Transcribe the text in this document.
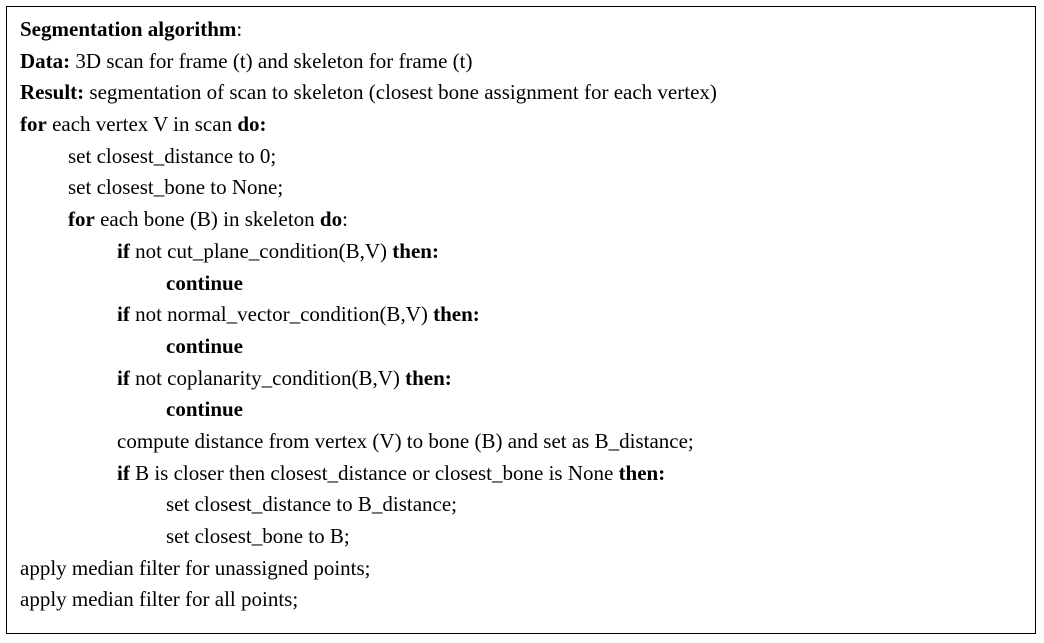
Segmentation algorithm:
Data: 3D scan for frame (t) and skeleton for frame (t)
Result: segmentation of scan to skeleton (closest bone assignment for each vertex)
for each vertex V in scan do:
set closest_distance to 0;
set closest_bone to None;
for each bone (B) in skeleton do:
if not cut_plane_condition(B,V) then:
continue
if not normal_vector_condition(B,V) then:
continue
if not coplanarity_condition(B,V) then:
continue
compute distance from vertex (V) to bone (B) and set as B_distance;
if B is closer then closest_distance or closest_bone is None then:
set closest_distance to B_distance;
set closest_bone to B;
apply median filter for unassigned points;
apply median filter for all points;
